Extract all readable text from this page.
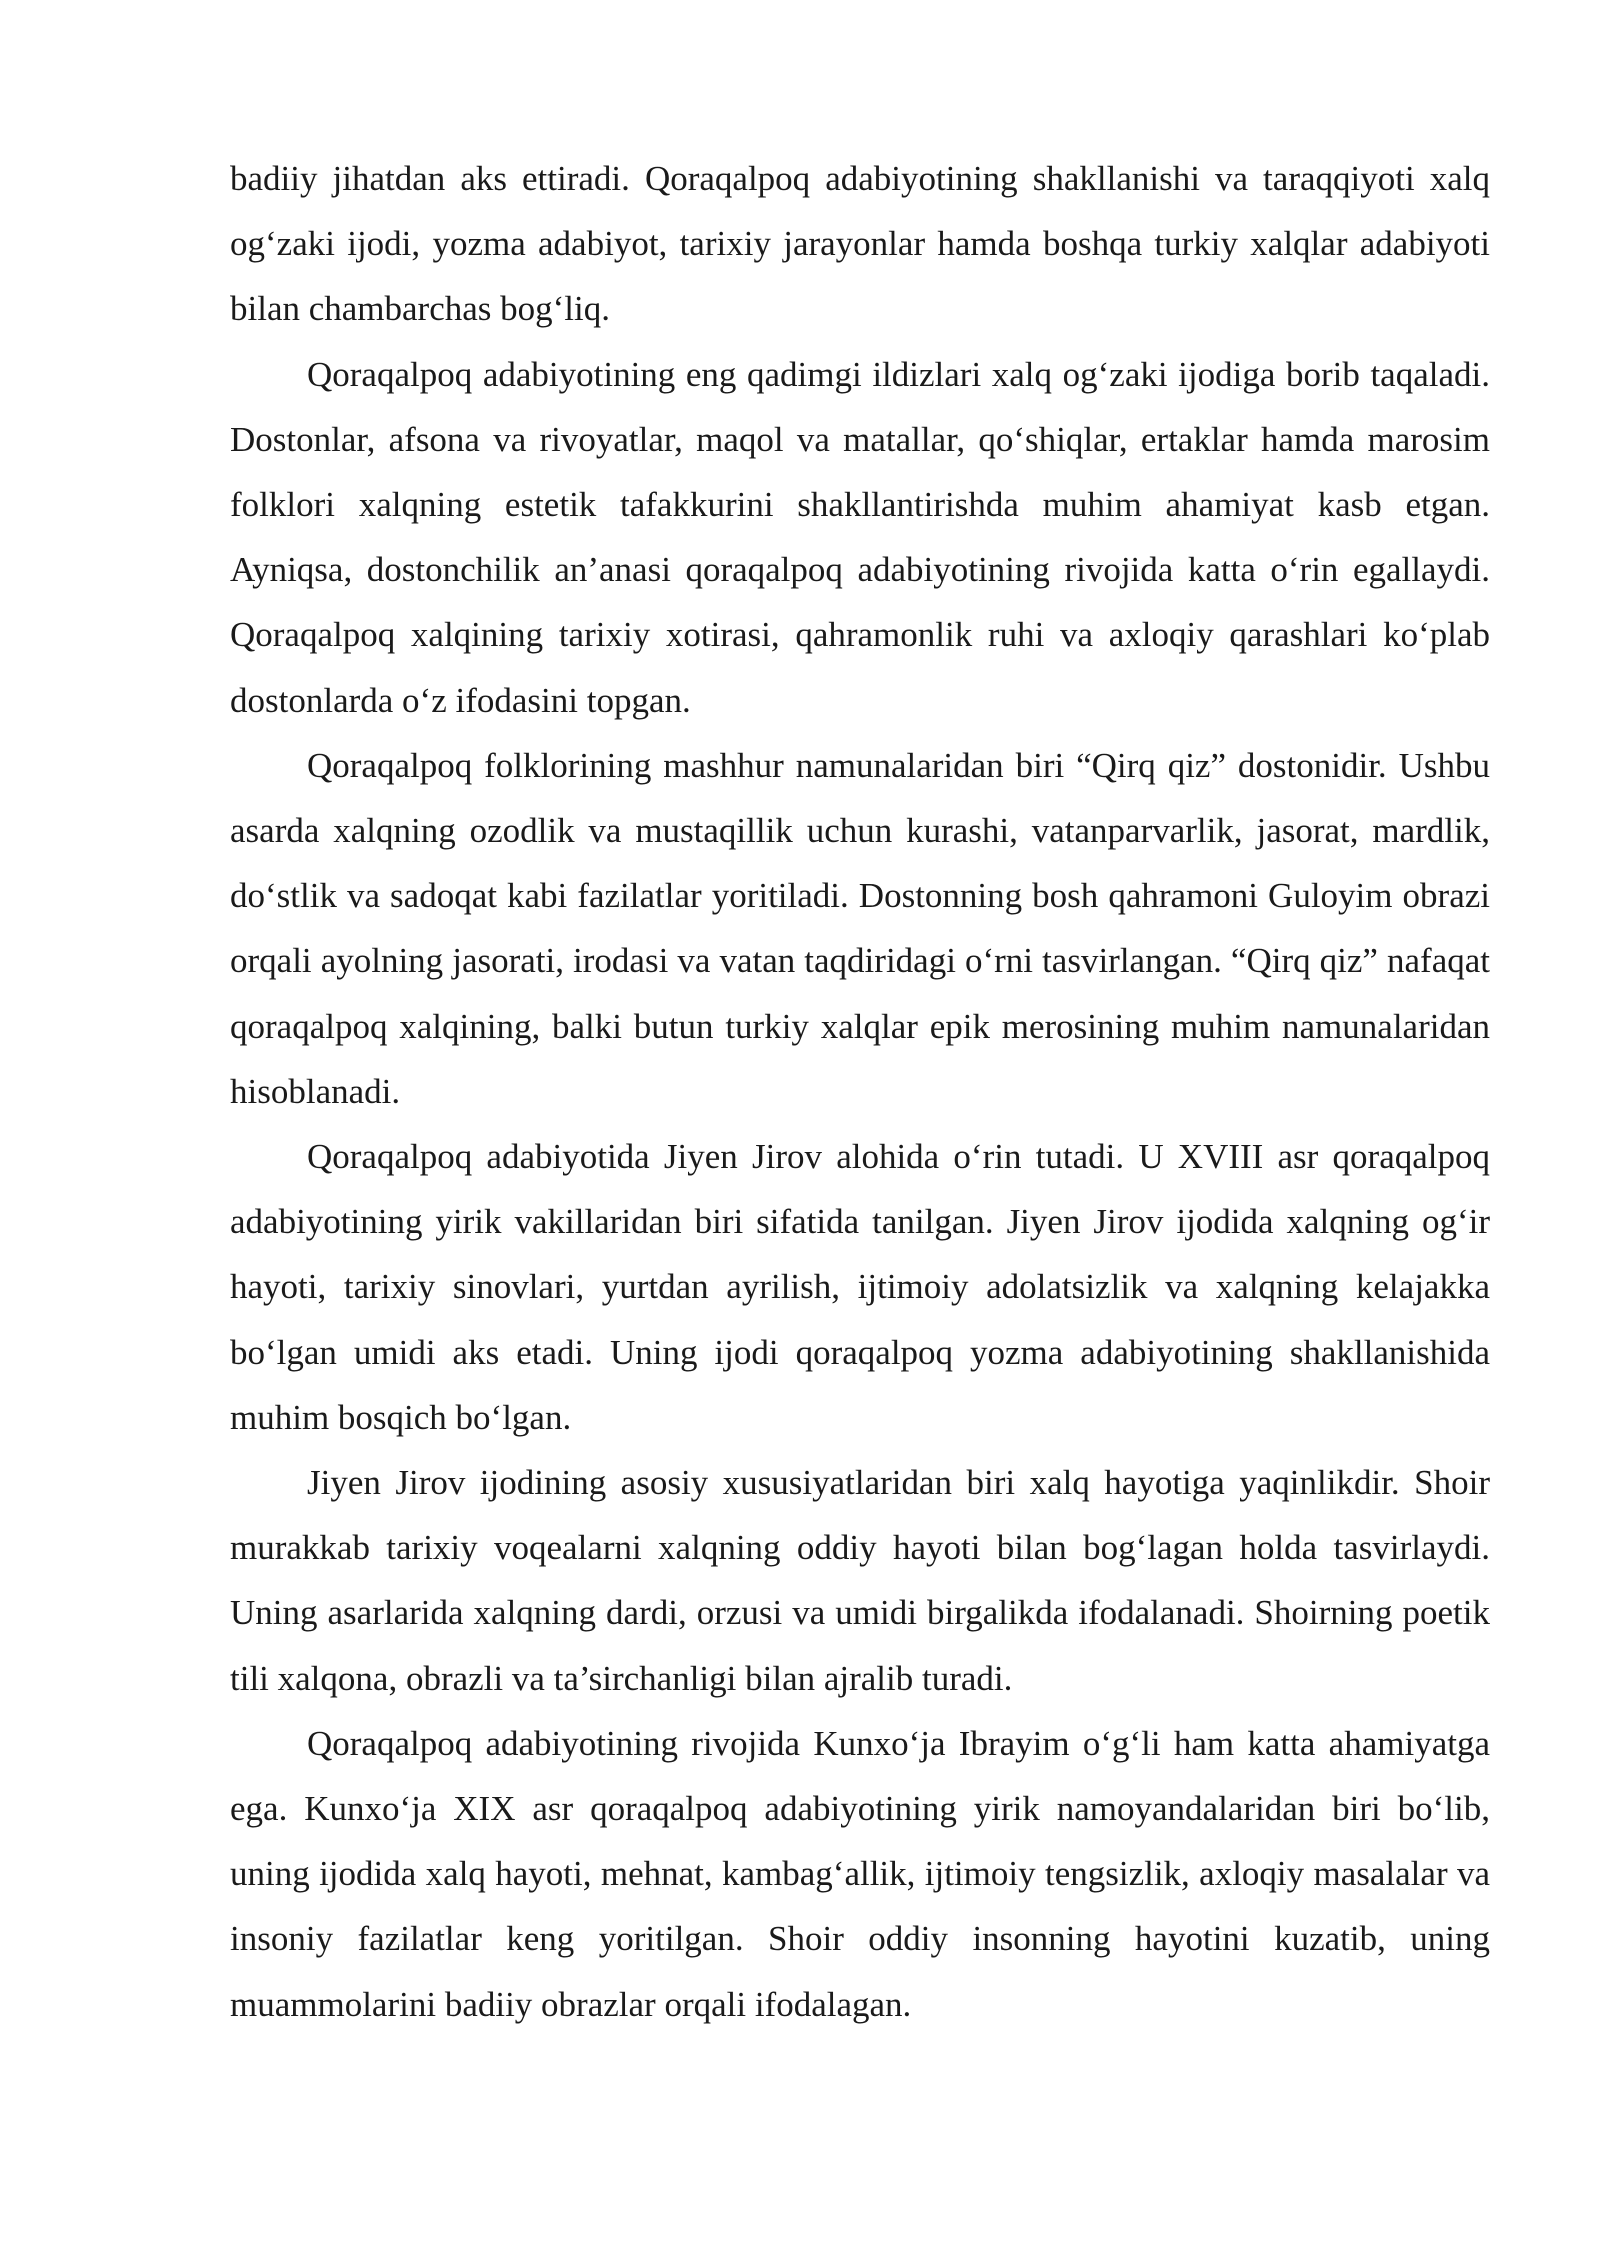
badiiy jihatdan aks ettiradi. Qoraqalpoq adabiyotining shakllanishi va taraqqiyoti xalq og‘zaki ijodi, yozma adabiyot, tarixiy jarayonlar hamda boshqa turkiy xalqlar adabiyoti bilan chambarchas bog‘liq.

Qoraqalpoq adabiyotining eng qadimgi ildizlari xalq og‘zaki ijodiga borib taqaladi. Dostonlar, afsona va rivoyatlar, maqol va matallar, qo‘shiqlar, ertaklar hamda marosim folklori xalqning estetik tafakkurini shakllantirishda muhim ahamiyat kasb etgan. Ayniqsa, dostonchilik an’anasi qoraqalpoq adabiyotining rivojida katta o‘rin egallaydi. Qoraqalpoq xalqining tarixiy xotirasi, qahramonlik ruhi va axloqiy qarashlari ko‘plab dostonlarda o‘z ifodasini topgan.

Qoraqalpoq folklorining mashhur namunalaridan biri “Qirq qiz” dostonidir. Ushbu asarda xalqning ozodlik va mustaqillik uchun kurashi, vatanparvarlik, jasorat, mardlik, do‘stlik va sadoqat kabi fazilatlar yoritiladi. Dostonning bosh qahramoni Guloyim obrazi orqali ayolning jasorati, irodasi va vatan taqdiridagi o‘rni tasvirlangan. “Qirq qiz” nafaqat qoraqalpoq xalqining, balki butun turkiy xalqlar epik merosining muhim namunalaridan hisoblanadi.

Qoraqalpoq adabiyotida Jiyen Jirov alohida o‘rin tutadi. U XVIII asr qoraqalpoq adabiyotining yirik vakillaridan biri sifatida tanilgan. Jiyen Jirov ijodida xalqning og‘ir hayoti, tarixiy sinovlari, yurtdan ayrilish, ijtimoiy adolatsizlik va xalqning kelajakka bo‘lgan umidi aks etadi. Uning ijodi qoraqalpoq yozma adabiyotining shakllanishida muhim bosqich bo‘lgan.

Jiyen Jirov ijodining asosiy xususiyatlaridan biri xalq hayotiga yaqinlikdir. Shoir murakkab tarixiy voqealarni xalqning oddiy hayoti bilan bog‘lagan holda tasvirlaydi. Uning asarlarida xalqning dardi, orzusi va umidi birgalikda ifodalanadi. Shoirning poetik tili xalqona, obrazli va ta’sirchanligi bilan ajralib turadi.

Qoraqalpoq adabiyotining rivojida Kunxo‘ja Ibrayim o‘g‘li ham katta ahamiyatga ega. Kunxo‘ja XIX asr qoraqalpoq adabiyotining yirik namoyandalaridan biri bo‘lib, uning ijodida xalq hayoti, mehnat, kambag‘allik, ijtimoiy tengsizlik, axloqiy masalalar va insoniy fazilatlar keng yoritilgan. Shoir oddiy insonning hayotini kuzatib, uning muammolarini badiiy obrazlar orqali ifodalagan.
